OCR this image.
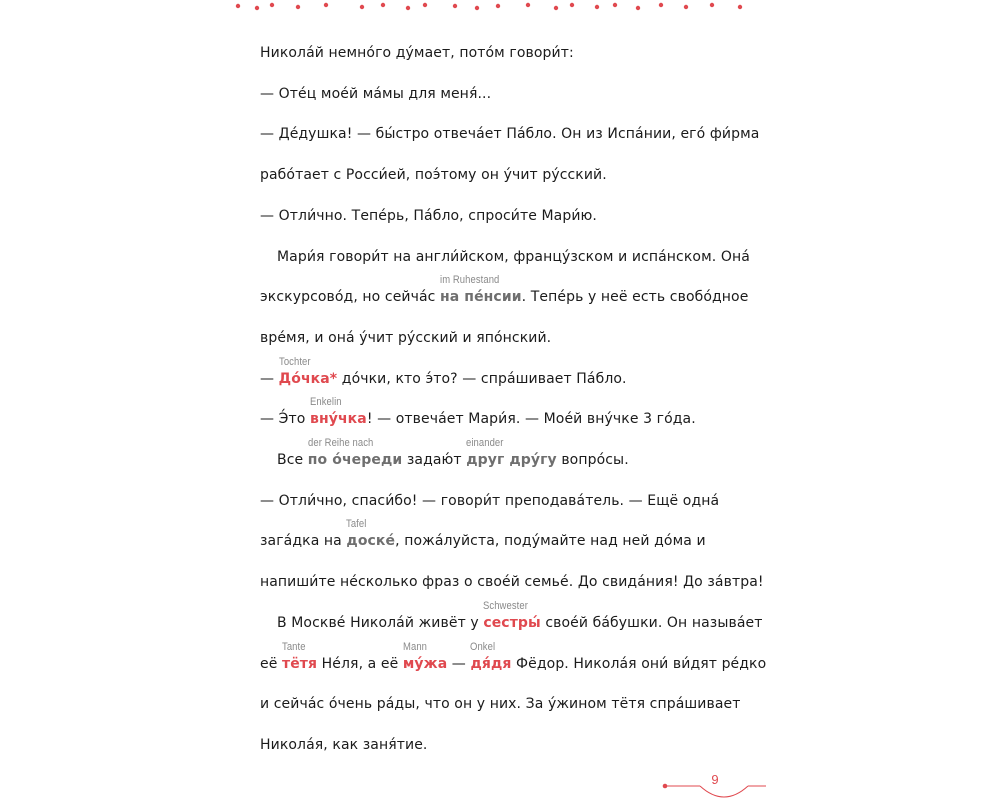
Никола́й немно́го ду́мает, пото́м говори́т:
— Оте́ц мое́й ма́мы для меня́...
— Де́душка! — бы́стро отвеча́ет Па́бло. Он из Испа́нии, его́ фи́рма
рабо́тает с Росси́ей, поэ́тому он у́чит ру́сский.
— Отли́чно. Тепе́рь, Па́бло, спроси́те Мари́ю.
Мари́я говори́т на англи́йском, францу́зском и испа́нском. Она́
экскурсово́д, но сейча́с на пе́нсии
im Ruhestand
. Тепе́рь у неё есть свобо́дное
вре́мя, и она́ у́чит ру́сский и япо́нский.
— До́чка*
Tochter
до́чки, кто э́то? — спра́шивает Па́бло.
— Э́то вну́чка
Enkelin
! — отвеча́ет Мари́я. — Мое́й вну́чке 3 го́да.
Все по о́череди
der Reihe nach
задаю́т друг дру́гу
einander
вопро́сы.
— Отли́чно, спаси́бо! — говори́т преподава́тель. — Ещё одна́
зага́дка на доске́
Tafel
, пожа́луйста, поду́майте над ней до́ма и
напиши́те не́сколько фраз о свое́й семье́. До свида́ния! До за́втра!
В Москве́ Никола́й живёт у сестры́
Schwester
свое́й ба́бушки. Он называ́ет
её тётя
Tante
Не́ля, а её му́жа
Mann
— дя́дя
Onkel
Фёдор. Никола́я они́ ви́дят ре́дко
и сейча́с о́чень ра́ды, что он у них. За у́жином тётя спра́шивает
Никола́я, как заня́тие.
9
